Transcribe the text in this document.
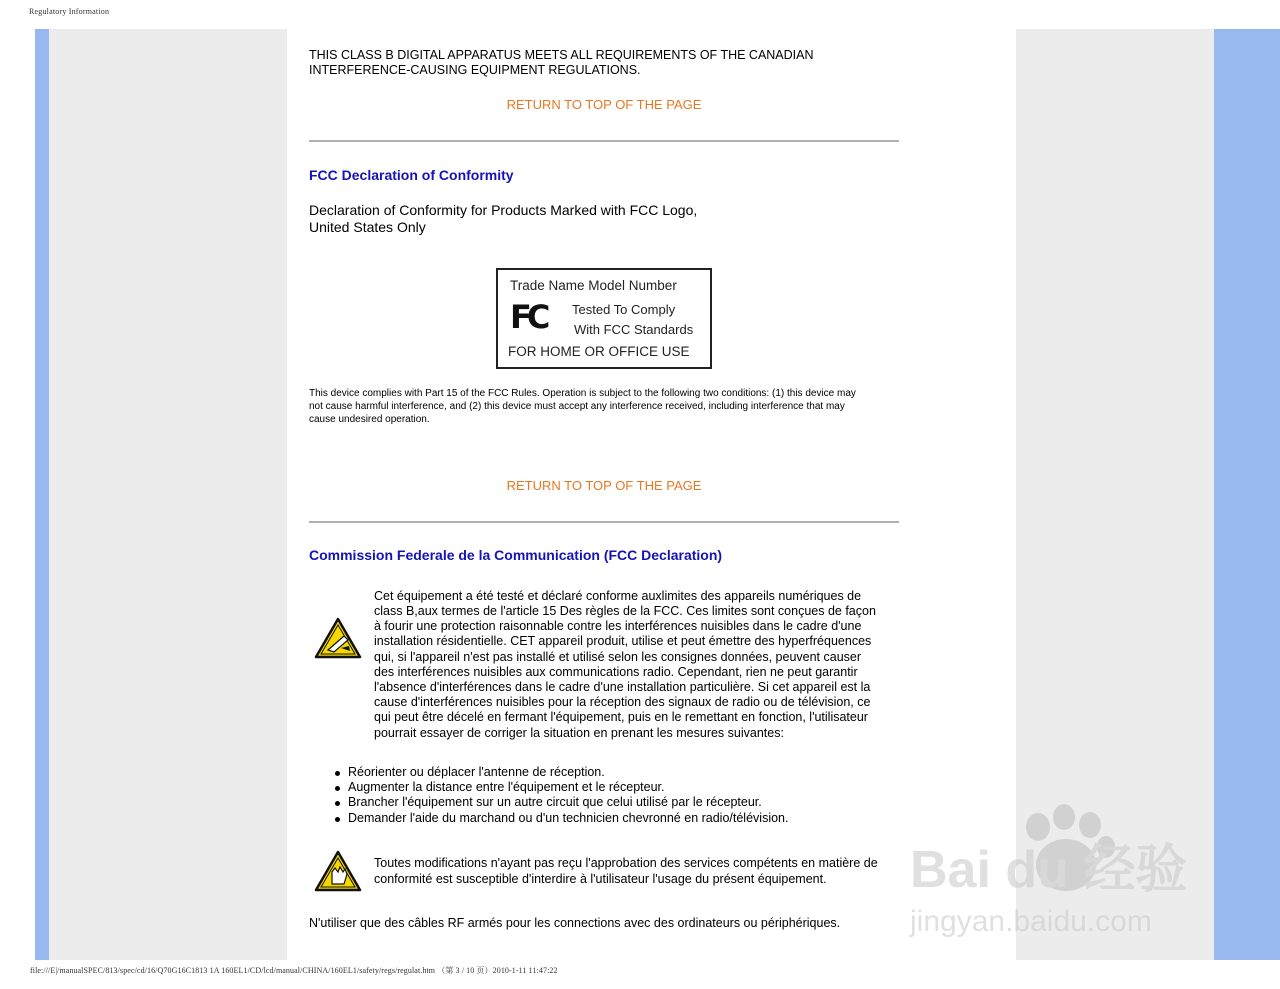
Regulatory Information
THIS CLASS B DIGITAL APPARATUS MEETS ALL REQUIREMENTS OF THE CANADIAN
INTERFERENCE-CAUSING EQUIPMENT REGULATIONS.
RETURN TO TOP OF THE PAGE
FCC Declaration of Conformity
Declaration of Conformity for Products Marked with FCC Logo,
United States Only
Trade Name Model Number
FC Tested To Comply
With FCC Standards
FOR HOME OR OFFICE USE
This device complies with Part 15 of the FCC Rules. Operation is subject to the following two conditions: (1) this device may
not cause harmful interference, and (2) this device must accept any interference received, including interference that may
cause undesired operation.
RETURN TO TOP OF THE PAGE
Commission Federale de la Communication (FCC Declaration)
Cet équipement a été testé et déclaré conforme auxlimites des appareils numériques de
class B,aux termes de l'article 15 Des règles de la FCC. Ces limites sont conçues de façon
à fourir une protection raisonnable contre les interférences nuisibles dans le cadre d'une
installation résidentielle. CET appareil produit, utilise et peut émettre des hyperfréquences
qui, si l'appareil n'est pas installé et utilisé selon les consignes données, peuvent causer
des interférences nuisibles aux communications radio. Cependant, rien ne peut garantir
l'absence d'interférences dans le cadre d'une installation particulière. Si cet appareil est la
cause d'interférences nuisibles pour la réception des signaux de radio ou de télévision, ce
qui peut être décelé en fermant l'équipement, puis en le remettant en fonction, l'utilisateur
pourrait essayer de corriger la situation en prenant les mesures suivantes:
Réorienter ou déplacer l'antenne de réception.
Augmenter la distance entre l'équipement et le récepteur.
Brancher l'équipement sur un autre circuit que celui utilisé par le récepteur.
Demander l'aide du marchand ou d'un technicien chevronné en radio/télévision.
Toutes modifications n'ayant pas reçu l'approbation des services compétents en matière de
conformité est susceptible d'interdire à l'utilisateur l'usage du présent équipement.
N'utiliser que des câbles RF armés pour les connections avec des ordinateurs ou périphériques.
Bai du 经验
jingyan.baidu.com
file:///E|/manualSPEC/813/spec/cd/16/Q70G16C1813 1A 160EL1/CD/lcd/manual/CHINA/160EL1/safety/regs/regulat.htm （第 3 / 10 页）2010-1-11 11:47:22
